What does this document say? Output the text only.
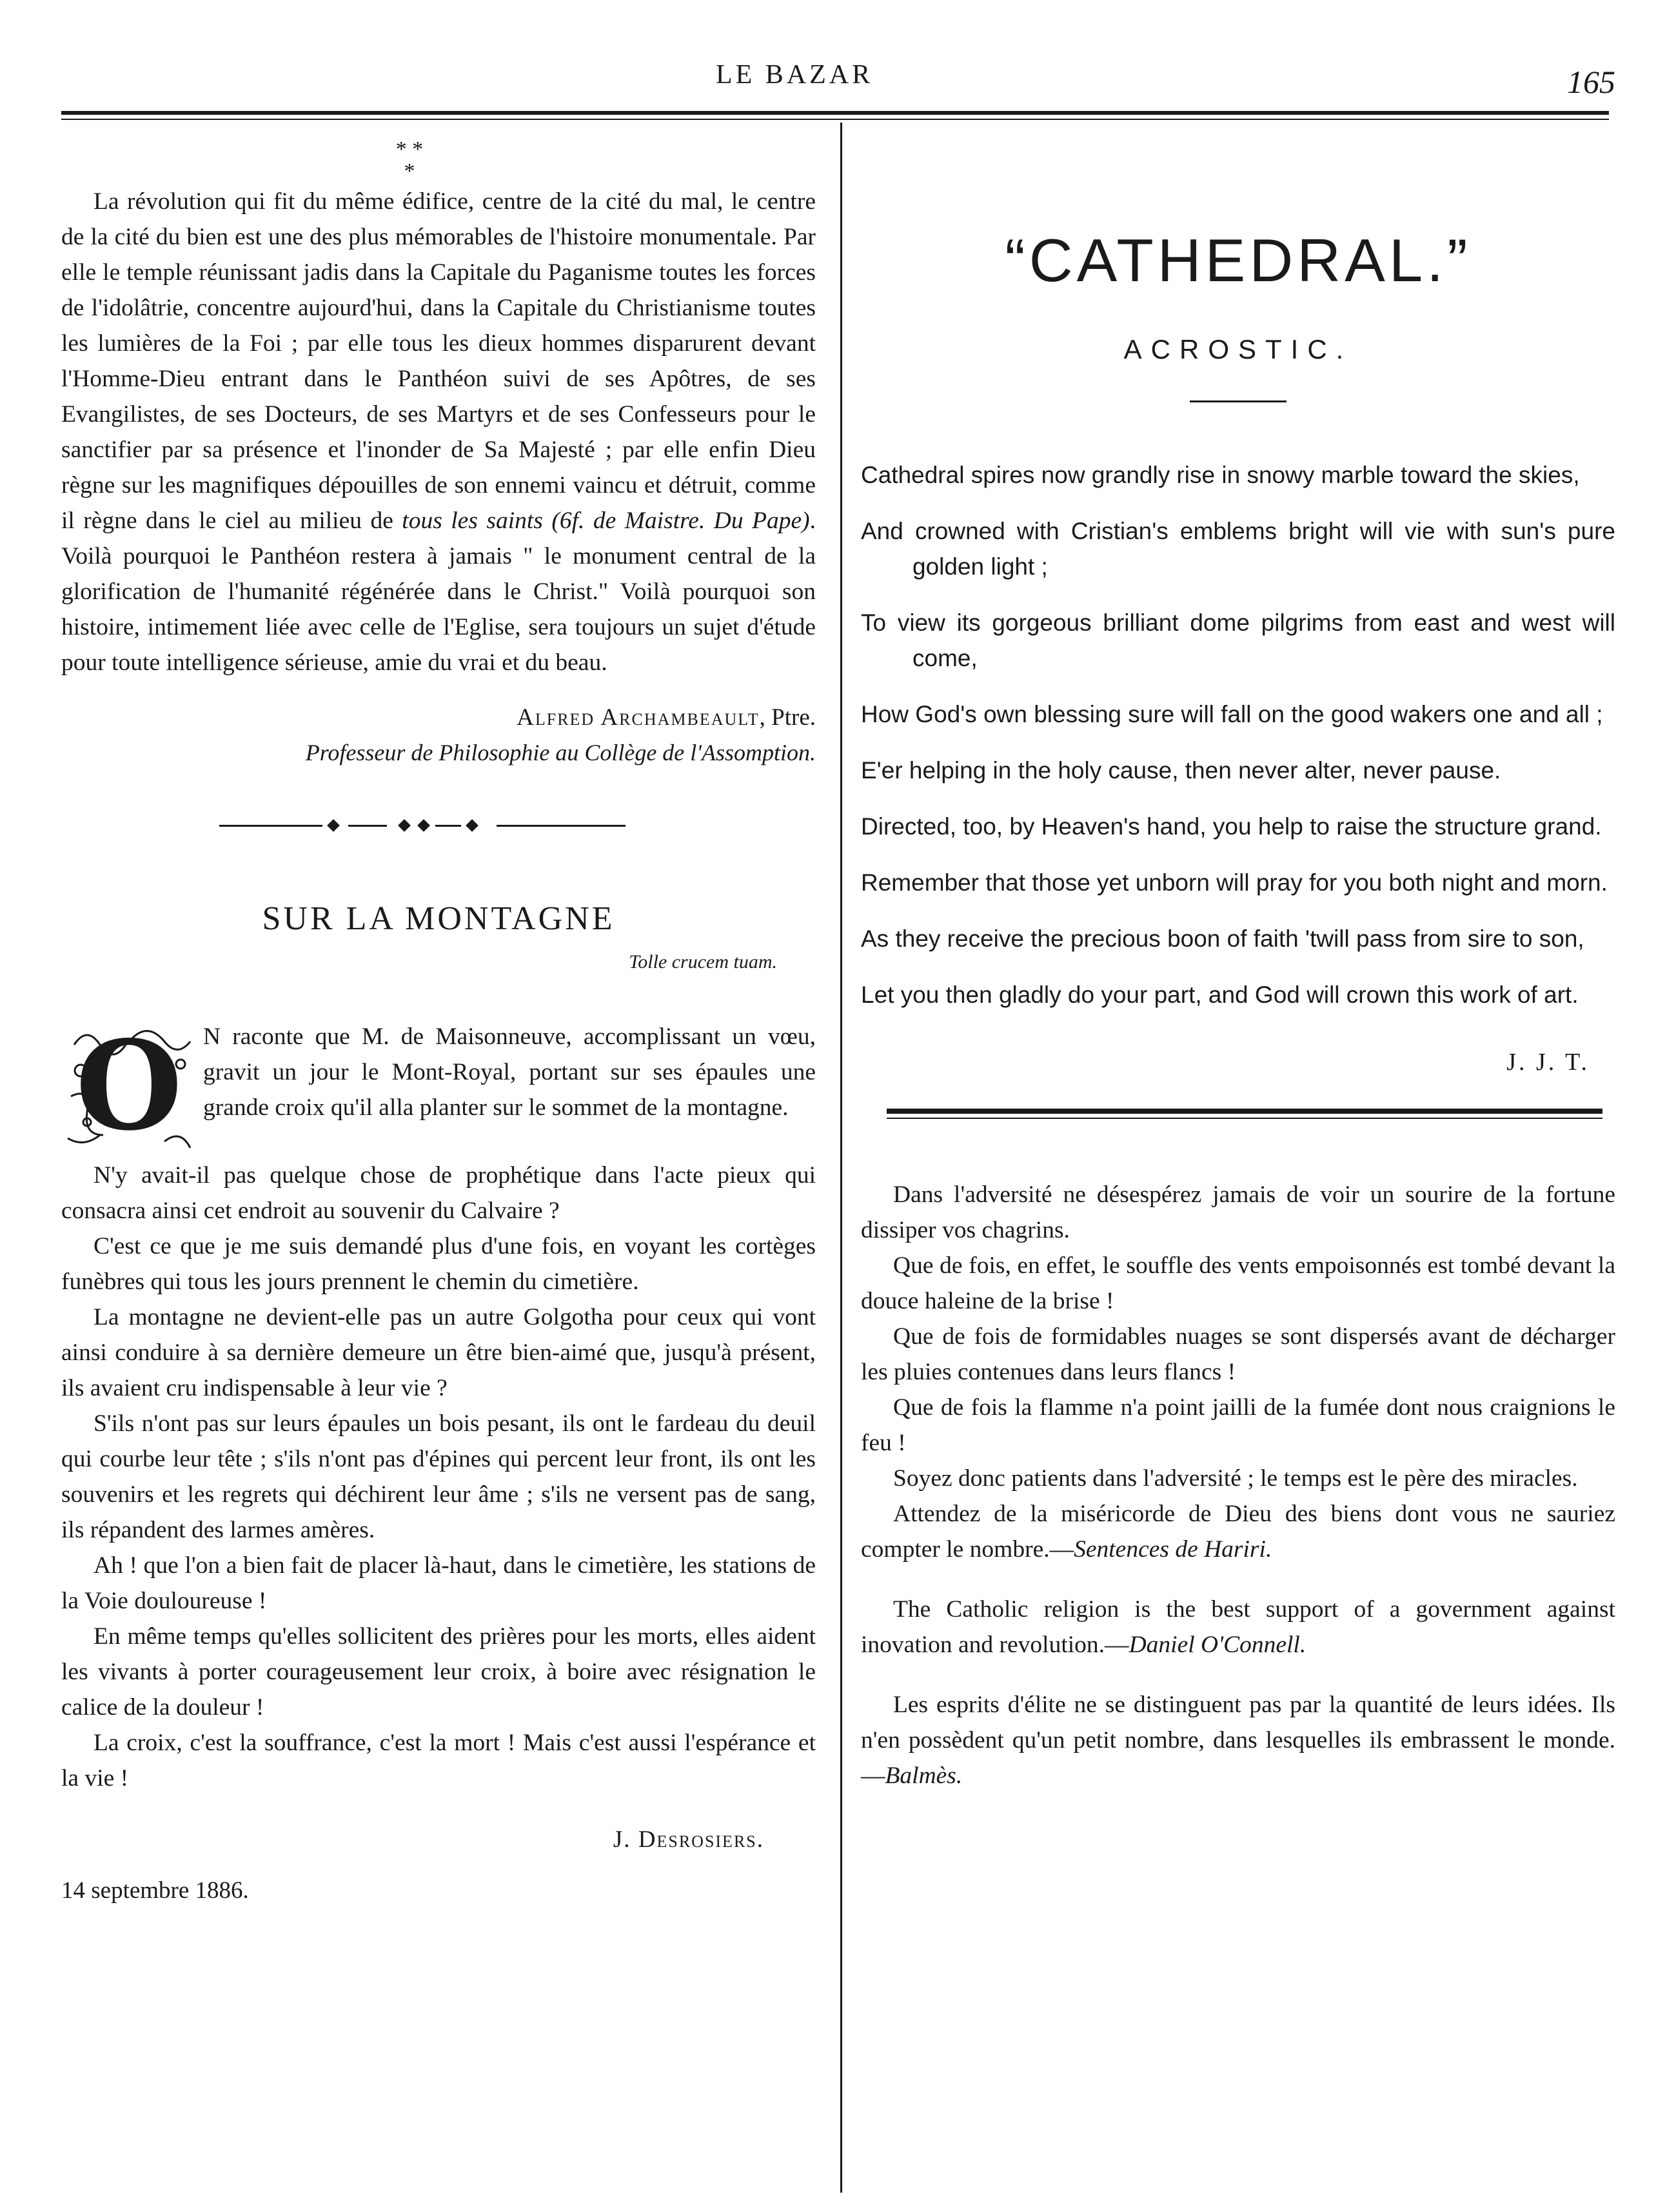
LE BAZAR	165
* *
*

La révolution qui fit du même édifice, centre de la cité du mal, le centre de la cité du bien est une des plus mémorables de l'histoire monumentale. Par elle le temple réunissant jadis dans la Capitale du Paganisme toutes les forces de l'idolâtrie, concentre aujourd'hui, dans la Capitale du Christianisme toutes les lumières de la Foi ; par elle tous les dieux hommes disparurent devant l'Homme-Dieu entrant dans le Panthéon suivi de ses Apôtres, de ses Evangilistes, de ses Docteurs, de ses Martyrs et de ses Confesseurs pour le sanctifier par sa présence et l'inonder de Sa Majesté ; par elle enfin Dieu règne sur les magnifiques dépouilles de son ennemi vaincu et détruit, comme il règne dans le ciel au milieu de tous les saints (6f. de Maistre. Du Pape). Voilà pourquoi le Panthéon restera à jamais " le monument central de la glorification de l'humanité régénérée dans le Christ." Voilà pourquoi son histoire, intimement liée avec celle de l'Eglise, sera toujours un sujet d'étude pour toute intelligence sérieuse, amie du vrai et du beau.

Alfred Archambeault, Ptre.

Professeur de Philosophie au Collège de l'Assomption.

SUR LA MONTAGNE
Tolle crucem tuam.
O N raconte que M. de Maisonneuve, accomplissant un vœu, gravit un jour le Mont-Royal, portant sur ses épaules une grande croix qu'il alla planter sur le sommet de la montagne.

N'y avait-il pas quelque chose de prophétique dans l'acte pieux qui consacra ainsi cet endroit au souvenir du Calvaire ?

C'est ce que je me suis demandé plus d'une fois, en voyant les cortèges funèbres qui tous les jours prennent le chemin du cimetière.

La montagne ne devient-elle pas un autre Golgotha pour ceux qui vont ainsi conduire à sa dernière demeure un être bien-aimé que, jusqu'à présent, ils avaient cru indispensable à leur vie ?

S'ils n'ont pas sur leurs épaules un bois pesant, ils ont le fardeau du deuil qui courbe leur tête ; s'ils n'ont pas d'épines qui percent leur front, ils ont les souvenirs et les regrets qui déchirent leur âme ; s'ils ne versent pas de sang, ils répandent des larmes amères.

Ah ! que l'on a bien fait de placer là-haut, dans le cimetière, les stations de la Voie douloureuse !

En même temps qu'elles sollicitent des prières pour les morts, elles aident les vivants à porter courageusement leur croix, à boire avec résignation le calice de la douleur !

La croix, c'est la souffrance, c'est la mort ! Mais c'est aussi l'espérance et la vie !

J. Desrosiers.

14 septembre 1886.

“CATHEDRAL.”
ACROSTIC.

Cathedral spires now grandly rise in snowy marble toward the skies,

And crowned with Cristian's emblems bright will vie with sun's pure golden light ;

To view its gorgeous brilliant dome pilgrims from east and west will come,

How God's own blessing sure will fall on the good wakers one and all ;

E'er helping in the holy cause, then never alter, never pause.

Directed, too, by Heaven's hand, you help to raise the structure grand.

Remember that those yet unborn will pray for you both night and morn.

As they receive the precious boon of faith 'twill pass from sire to son,

Let you then gladly do your part, and God will crown this work of art.

J. J. T.

Dans l'adversité ne désespérez jamais de voir un sourire de la fortune dissiper vos chagrins.

Que de fois, en effet, le souffle des vents empoisonnés est tombé devant la douce haleine de la brise !

Que de fois de formidables nuages se sont dispersés avant de décharger les pluies contenues dans leurs flancs !

Que de fois la flamme n'a point jailli de la fumée dont nous craignions le feu !

Soyez donc patients dans l'adversité ; le temps est le père des miracles.

Attendez de la miséricorde de Dieu des biens dont vous ne sauriez compter le nombre.—Sentences de Hariri.

The Catholic religion is the best support of a government against inovation and revolution.—Daniel O'Connell.

Les esprits d'élite ne se distinguent pas par la quantité de leurs idées. Ils n'en possèdent qu'un petit nombre, dans lesquelles ils embrassent le monde.—Balmès.
